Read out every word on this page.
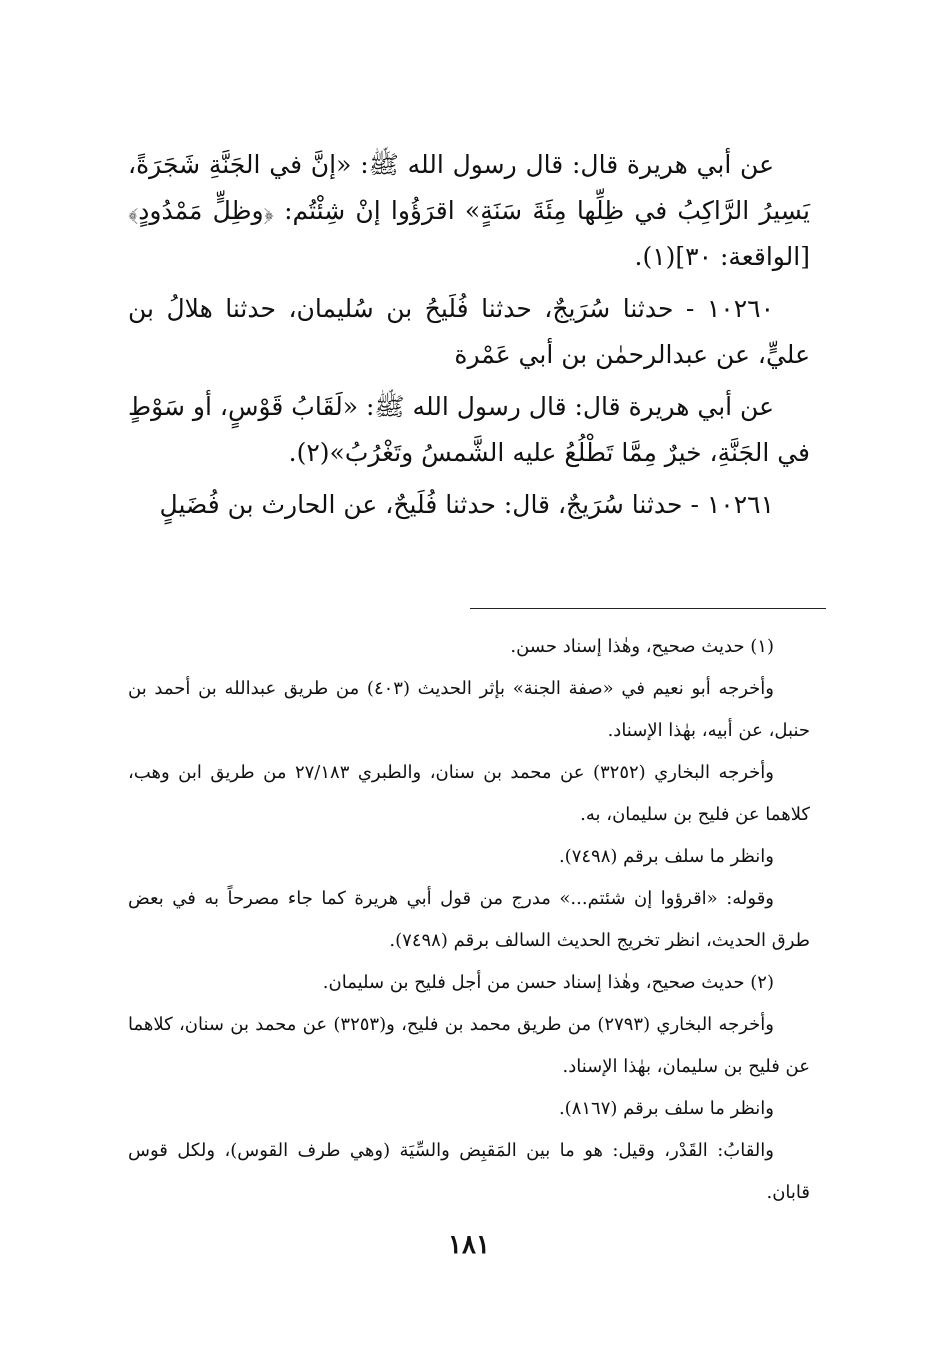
عن أبي هريرة قال: قال رسول الله ﷺ: «إنَّ في الجَنَّةِ شَجَرَةً، يَسِيرُ الرَّاكِبُ في ظِلِّها مِئَةَ سَنَةٍ» اقرَؤُوا إنْ شِئْتُم: ﴿وظِلٍّ مَمْدُودٍ﴾ [الواقعة: ٣٠](١).

١٠٢٦٠ - حدثنا سُرَيجٌ، حدثنا فُلَيحُ بن سُليمان، حدثنا هلالُ بن عليٍّ، عن عبدالرحمٰن بن أبي عَمْرة

عن أبي هريرة قال: قال رسول الله ﷺ: «لَقَابُ قَوْسٍ، أو سَوْطٍ في الجَنَّةِ، خيرٌ مِمَّا تَطْلُعُ عليه الشَّمسُ وتَغْرُبُ»(٢).

١٠٢٦١ - حدثنا سُرَيجٌ، قال: حدثنا فُلَيحٌ، عن الحارث بن فُضَيلٍ

(١) حديث صحيح، وهٰذا إسناد حسن.

وأخرجه أبو نعيم في «صفة الجنة» بإثر الحديث (٤٠٣) من طريق عبدالله بن أحمد بن حنبل، عن أبيه، بهٰذا الإسناد.

وأخرجه البخاري (٣٢٥٢) عن محمد بن سنان، والطبري ٢٧/١٨٣ من طريق ابن وهب، كلاهما عن فليح بن سليمان، به.

وانظر ما سلف برقم (٧٤٩٨).

وقوله: «اقرؤوا إن شئتم...» مدرج من قول أبي هريرة كما جاء مصرحاً به في بعض طرق الحديث، انظر تخريج الحديث السالف برقم (٧٤٩٨).

(٢) حديث صحيح، وهٰذا إسناد حسن من أجل فليح بن سليمان.

وأخرجه البخاري (٢٧٩٣) من طريق محمد بن فليح، و(٣٢٥٣) عن محمد بن سنان، كلاهما عن فليح بن سليمان، بهٰذا الإسناد.

وانظر ما سلف برقم (٨١٦٧).

والقابُ: القَدْر، وقيل: هو ما بين المَقبِض والسِّيَة (وهي طرف القوس)، ولكل قوس قابان.

١٨١
